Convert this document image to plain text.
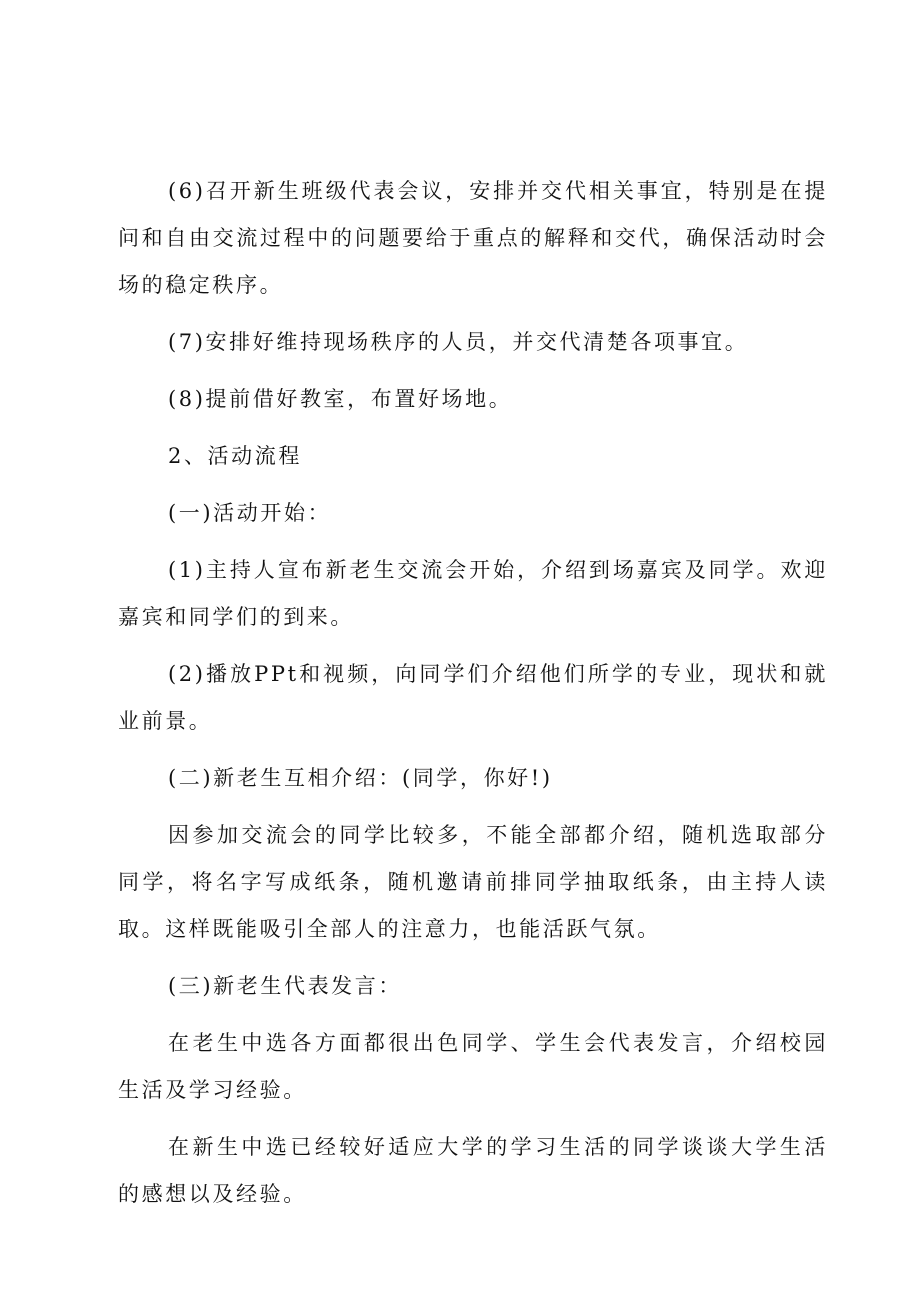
(6)召开新生班级代表会议，安排并交代相关事宜，特别是在提问和自由交流过程中的问题要给于重点的解释和交代，确保活动时会场的稳定秩序。

(7)安排好维持现场秩序的人员，并交代清楚各项事宜。

(8)提前借好教室，布置好场地。

2、活动流程

(一)活动开始：

(1)主持人宣布新老生交流会开始，介绍到场嘉宾及同学。欢迎嘉宾和同学们的到来。

(2)播放PPt和视频，向同学们介绍他们所学的专业，现状和就业前景。

(二)新老生互相介绍：(同学，你好!)

因参加交流会的同学比较多，不能全部都介绍，随机选取部分同学，将名字写成纸条，随机邀请前排同学抽取纸条，由主持人读取。这样既能吸引全部人的注意力，也能活跃气氛。

(三)新老生代表发言：

在老生中选各方面都很出色同学、学生会代表发言，介绍校园生活及学习经验。

在新生中选已经较好适应大学的学习生活的同学谈谈大学生活的感想以及经验。
